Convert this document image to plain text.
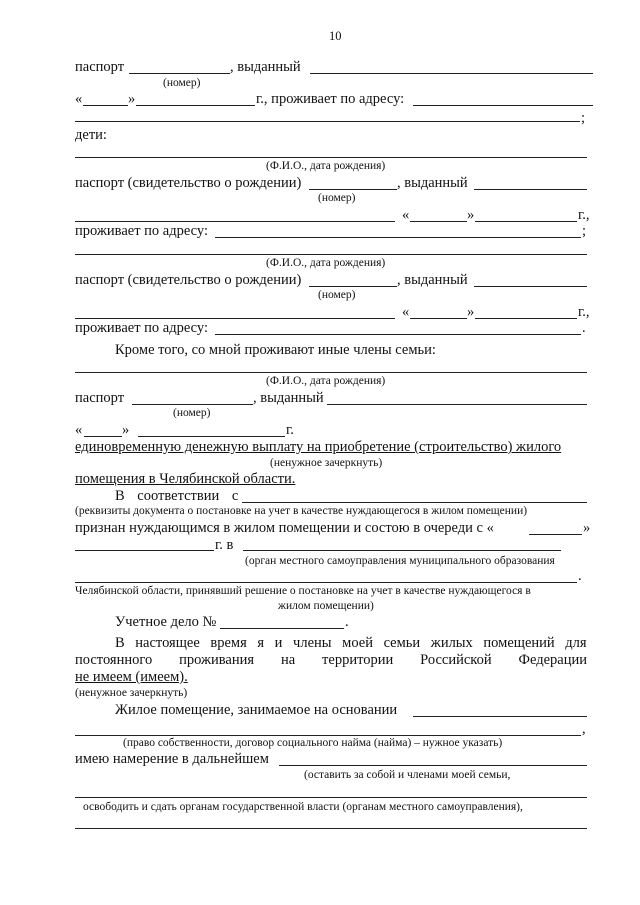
10
паспорт	, выданный
(номер)
«	»	г., проживает по адресу:
;
дети:
(Ф.И.О., дата рождения)
паспорт (свидетельство о рождении)	, выданный
(номер)
«	»	г.,
проживает по адресу:	;
(Ф.И.О., дата рождения)
паспорт (свидетельство о рождении)	, выданный
(номер)
«	»	г.,
проживает по адресу:	.
Кроме того, со мной проживают иные члены семьи:
(Ф.И.О., дата рождения)
паспорт	, выданный
(номер)
«	»	г.
единовременную денежную выплату на приобретение (строительство) жилого
(ненужное зачеркнуть)
помещения в Челябинской области.
В соответствии с
(реквизиты документа о постановке на учет в качестве нуждающегося в жилом помещении)
признан нуждающимся в жилом помещении и состою в очереди с «	»
г. в
(орган местного самоуправления муниципального образования
.
Челябинской области, принявший решение о постановке на учет в качестве нуждающегося в
жилом помещении)
Учетное дело №	.
В настоящее время я и члены моей семьи жилых помещений для
постоянного проживания на территории Российской Федерации
не имеем (имеем).
(ненужное зачеркнуть)
Жилое помещение, занимаемое на основании
,
(право собственности, договор социального найма (найма) – нужное указать)
имею намерение в дальнейшем
(оставить за собой и членами моей семьи,
освободить и сдать органам государственной власти (органам местного самоуправления),
